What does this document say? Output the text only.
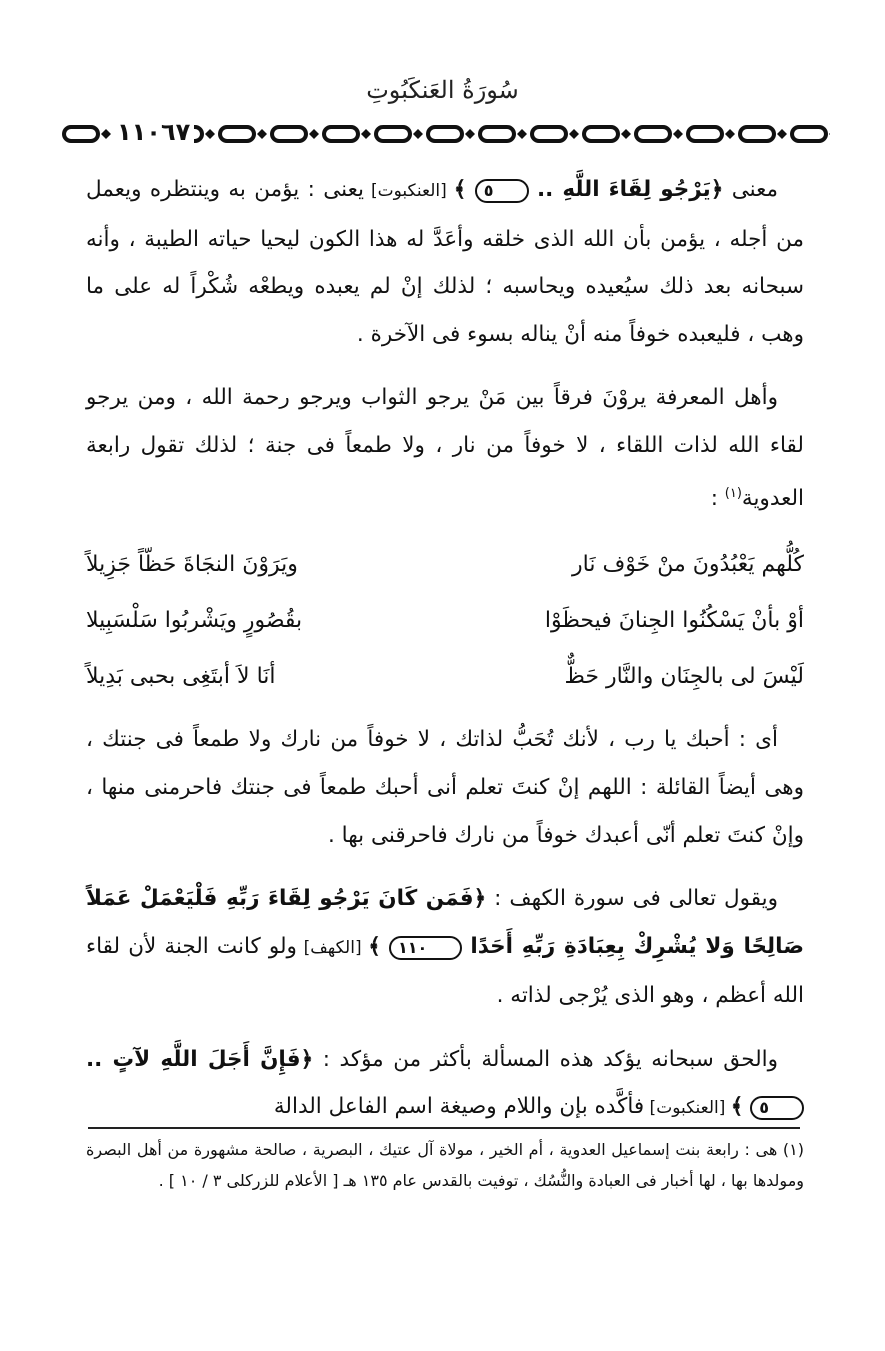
سُورَةُ العَنكَبُوتِ
١١٠٦٧

معنى ﴿يَرْجُو لِقَاءَ اللَّهِ .. ٥ ﴾ [العنكبوت] يعنى : يؤمن به وينتظره ويعمل من أجله ، يؤمن بأن الله الذى خلقه وأعَدَّ له هذا الكون ليحيا حياته الطيبة ، وأنه سبحانه بعد ذلك سيُعيده ويحاسبه ؛ لذلك إنْ لم يعبده ويطعْه شُكْراً له على ما وهب ، فليعبده خوفاً منه أنْ يناله بسوء فى الآخرة .

وأهل المعرفة يروْنَ فرقاً بين مَنْ يرجو الثواب ويرجو رحمة الله ، ومن يرجو لقاء الله لذات اللقاء ، لا خوفاً من نار ، ولا طمعاً فى جنة ؛ لذلك تقول رابعة العدوية$^{(١)}$ :

كُلُّهم يَعْبُدُونَ منْ خَوْف نَار
ويَرَوْنَ النجَاةَ حَظّاً جَزِيلاً
أوْ بأنْ يَسْكُنُوا الجِنانَ فيحظَوْا
بقُصُورٍ ويَشْربُوا سَلْسَبِيلا
لَيْسَ لى بالجِنَان والنَّار حَظٌّ
أنَا لاَ أبتَغِى بحبى بَدِيلاً

أى : أحبك يا رب ، لأنك تُحَبُّ لذاتك ، لا خوفاً من نارك ولا طمعاً فى جنتك ، وهى أيضاً القائلة : اللهم إنْ كنتَ تعلم أنى أحبك طمعاً فى جنتك فاحرمنى منها ، وإنْ كنتَ تعلم أنّى أعبدك خوفاً من نارك فاحرقنى بها .

ويقول تعالى فى سورة الكهف : ﴿فَمَن كَانَ يَرْجُو لِقَاءَ رَبِّهِ فَلْيَعْمَلْ عَمَلاً صَالِحًا وَلا يُشْرِكْ بِعِبَادَةِ رَبِّهِ أَحَدًا ١١٠ ﴾ [الكهف] ولو كانت الجنة لأن لقاء الله أعظم ، وهو الذى يُرْجى لذاته .

والحق سبحانه يؤكد هذه المسألة بأكثر من مؤكد : ﴿فَإِنَّ أَجَلَ اللَّهِ لآتٍ .. ٥ ﴾ [العنكبوت] فأكَّده بإن واللام وصيغة اسم الفاعل الدالة

(١) هى : رابعة بنت إسماعيل العدوية ، أم الخير ، مولاة آل عتيك ، البصرية ، صالحة مشهورة من أهل البصرة ومولدها بها ، لها أخبار فى العبادة والنُّسُك ، توفيت بالقدس عام ١٣٥ هـ [ الأعلام للزركلى ٣ / ١٠ ] .
